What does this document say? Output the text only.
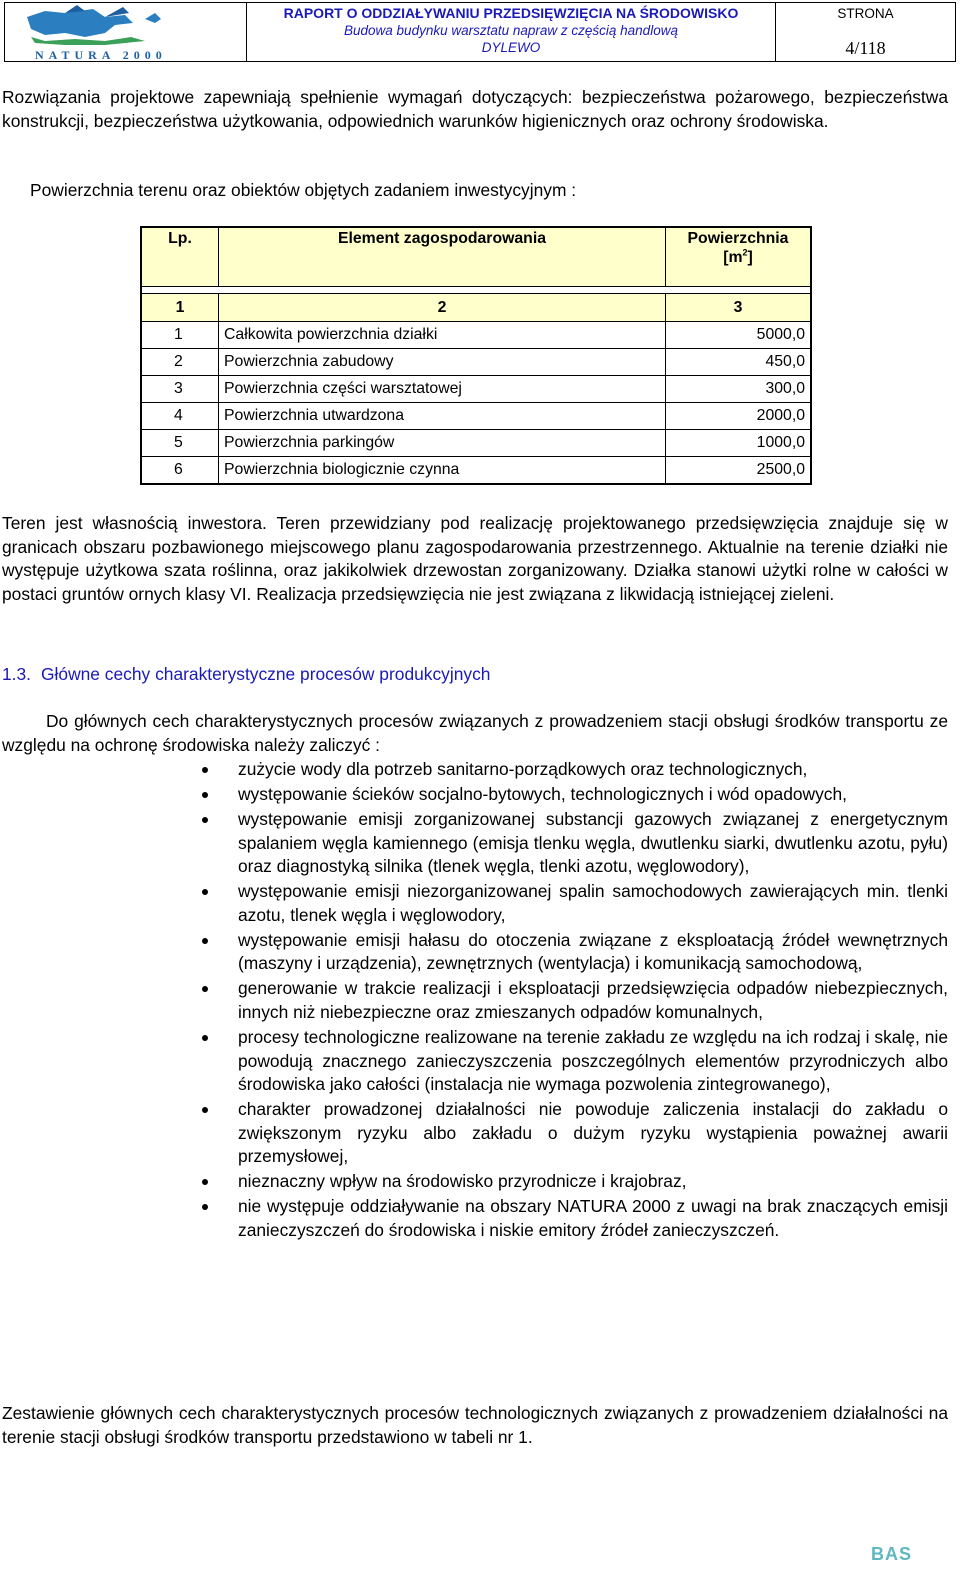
NATURA 2000
RAPORT O ODDZIAŁYWANIU PRZEDSIĘWZIĘCIA NA ŚRODOWISKO
Budowa budynku warsztatu napraw z częścią handlową
DYLEWO
STRONA
4/118
Rozwiązania projektowe zapewniają spełnienie wymagań dotyczących: bezpieczeństwa pożarowego, bezpieczeństwa konstrukcji, bezpieczeństwa użytkowania, odpowiednich warunków higienicznych oraz ochrony środowiska.
Powierzchnia terenu oraz obiektów objętych zadaniem inwestycyjnym :
Lp.	Element zagospodarowania	Powierzchnia
$[m^2]$

1	2	3
1	Całkowita powierzchnia działki	5000,0
2	Powierzchnia zabudowy	450,0
3	Powierzchnia części warsztatowej	300,0
4	Powierzchnia utwardzona	2000,0
5	Powierzchnia parkingów	1000,0
6	Powierzchnia biologicznie czynna	2500,0
Teren jest własnością inwestora. Teren przewidziany pod realizację projektowanego przedsięwzięcia znajduje się w granicach obszaru pozbawionego miejscowego planu zagospodarowania przestrzennego. Aktualnie na terenie działki nie występuje użytkowa szata roślinna, oraz jakikolwiek drzewostan zorganizowany. Działka stanowi użytki rolne w całości w postaci gruntów ornych klasy VI. Realizacja przedsięwzięcia nie jest związana z likwidacją istniejącej zieleni.
1.3. Główne cechy charakterystyczne procesów produkcyjnych
Do głównych cech charakterystycznych procesów związanych z prowadzeniem stacji obsługi środków transportu ze względu na ochronę środowiska należy zaliczyć :
zużycie wody dla potrzeb sanitarno-porządkowych oraz technologicznych,
występowanie ścieków socjalno-bytowych, technologicznych i wód opadowych,
występowanie emisji zorganizowanej substancji gazowych związanej z energetycznym spalaniem węgla kamiennego (emisja tlenku węgla, dwutlenku siarki, dwutlenku azotu, pyłu) oraz diagnostyką silnika (tlenek węgla, tlenki azotu, węglowodory),
występowanie emisji niezorganizowanej spalin samochodowych zawierających min. tlenki azotu, tlenek węgla i węglowodory,
występowanie emisji hałasu do otoczenia związane z eksploatacją źródeł wewnętrznych (maszyny i urządzenia), zewnętrznych (wentylacja) i komunikacją samochodową,
generowanie w trakcie realizacji i eksploatacji przedsięwzięcia odpadów niebezpiecznych, innych niż niebezpieczne oraz zmieszanych odpadów komunalnych,
procesy technologiczne realizowane na terenie zakładu ze względu na ich rodzaj i skalę, nie powodują znacznego zanieczyszczenia poszczególnych elementów przyrodniczych albo środowiska jako całości (instalacja nie wymaga pozwolenia zintegrowanego),
charakter prowadzonej działalności nie powoduje zaliczenia instalacji do zakładu o zwiększonym ryzyku albo zakładu o dużym ryzyku wystąpienia poważnej awarii przemysłowej,
nieznaczny wpływ na środowisko przyrodnicze i krajobraz,
nie występuje oddziaływanie na obszary NATURA 2000 z uwagi na brak znaczących emisji zanieczyszczeń do środowiska i niskie emitory źródeł zanieczyszczeń.
Zestawienie głównych cech charakterystycznych procesów technologicznych związanych z prowadzeniem działalności na terenie stacji obsługi środków transportu przedstawiono w tabeli nr 1.
BAS
